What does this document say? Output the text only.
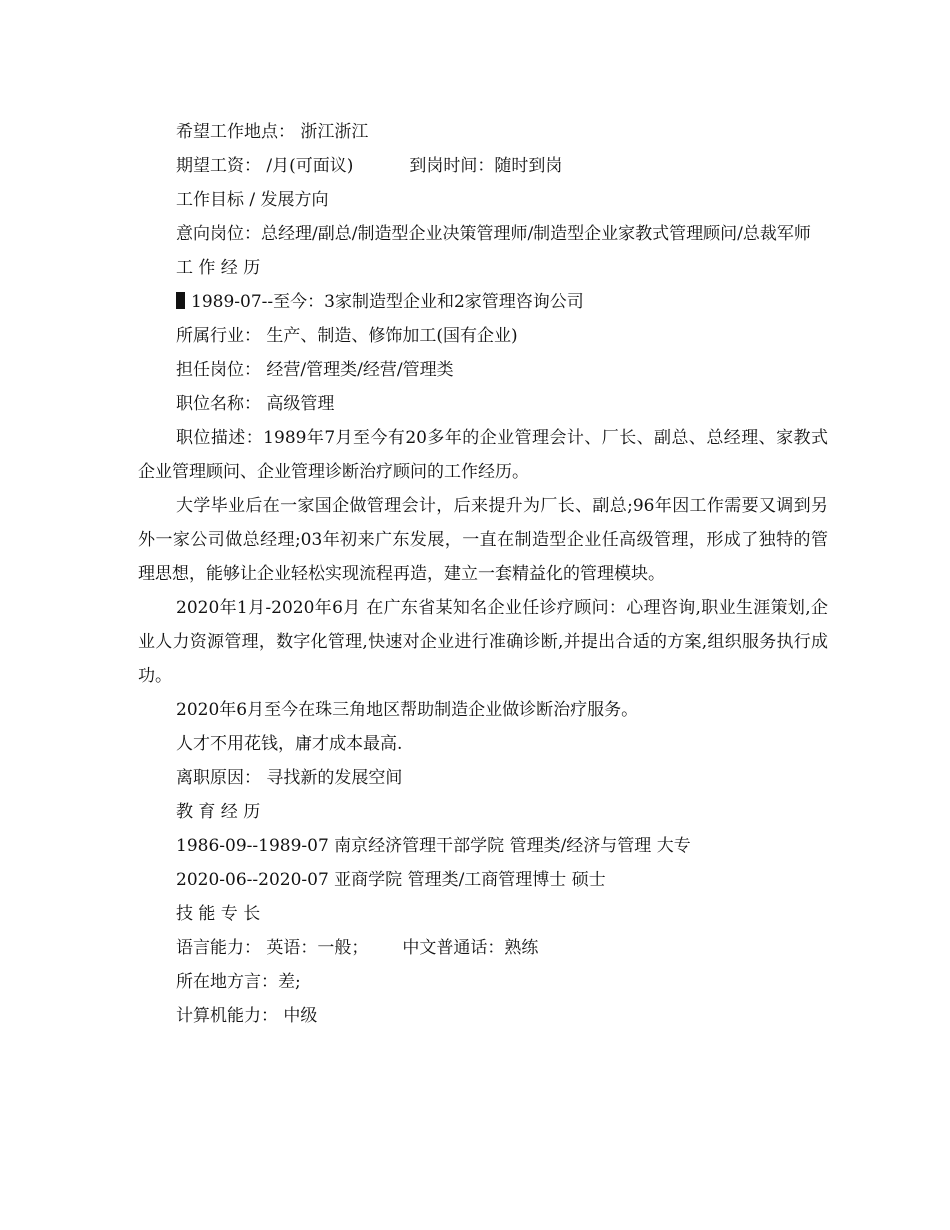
希望工作地点： 浙江浙江
期望工资： /月(可面议)	到岗时间：随时到岗
工作目标 / 发展方向

意向岗位：总经理/副总/制造型企业决策管理师/制造型企业家教式管理顾问/总裁军师

工 作 经 历
1989-07--至今：3家制造型企业和2家管理咨询公司
所属行业： 生产、制造、修饰加工(国有企业)
担任岗位： 经营/管理类/经营/管理类
职位名称： 高级管理

职位描述：1989年7月至今有20多年的企业管理会计、厂长、副总、总经理、家教式企业管理顾问、企业管理诊断治疗顾问的工作经历。

大学毕业后在一家国企做管理会计，后来提升为厂长、副总;96年因工作需要又调到另外一家公司做总经理;03年初来广东发展，一直在制造型企业任高级管理，形成了独特的管理思想，能够让企业轻松实现流程再造，建立一套精益化的管理模块。

2020年1月-2020年6月 在广东省某知名企业任诊疗顾问：心理咨询,职业生涯策划,企业人力资源管理，数字化管理,快速对企业进行准确诊断,并提出合适的方案,组织服务执行成功。

2020年6月至今在珠三角地区帮助制造企业做诊断治疗服务。
人才不用花钱，庸才成本最高.
离职原因： 寻找新的发展空间
教 育 经 历
1986-09--1989-07 南京经济管理干部学院 管理类/经济与管理 大专
2020-06--2020-07 亚商学院 管理类/工商管理博士 硕士
技 能 专 长
语言能力： 英语：一般； 中文普通话：熟练
所在地方言：差;
计算机能力： 中级
